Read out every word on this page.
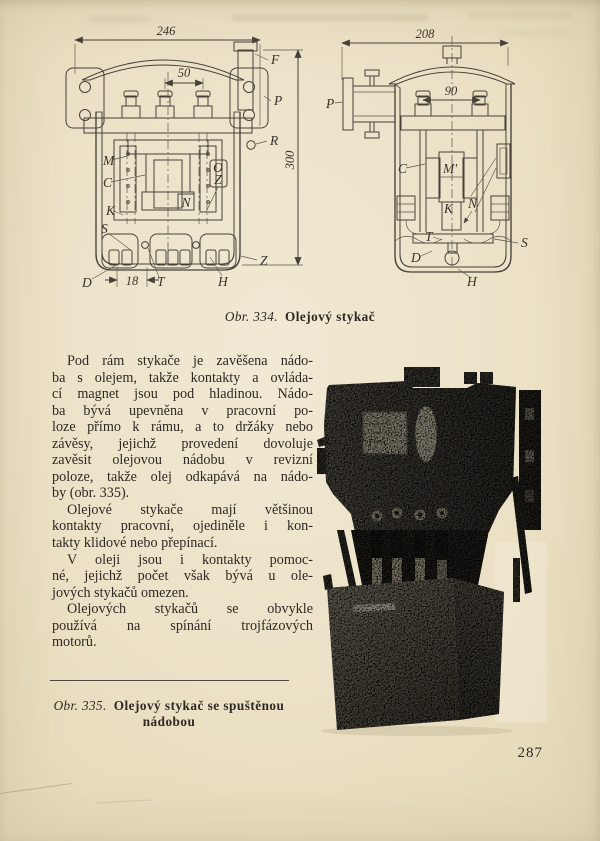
246
300
50
N
O
Z
M
C
K
S
F
P
R
D	18 T	H
Z
208
P
90
C	M'
K N
T	S
D
H
Obr. 334. Olejový stykač
Pod rám stykače je zavěšena nádo-
ba s olejem, takže kontakty a ovláda-
cí magnet jsou pod hladinou. Nádo-
ba bývá upevněna v pracovní po-
loze přímo k rámu, a to držáky nebo
závěsy, jejichž provedení dovoluje
zavěsit olejovou nádobu v revizní
poloze, takže olej odkapává na nádo-
by (obr. 335).
Olejové stykače mají většinou
kontakty pracovní, ojediněle i kon-
takty klidové nebo přepínací.
V oleji jsou i kontakty pomoc-
né, jejichž počet však bývá u ole-
jových stykačů omezen.
Olejových stykačů se obvykle
používá na spínání trojfázových
motorů.
Obr. 335. Olejový stykač se spuštěnou
nádobou
287
